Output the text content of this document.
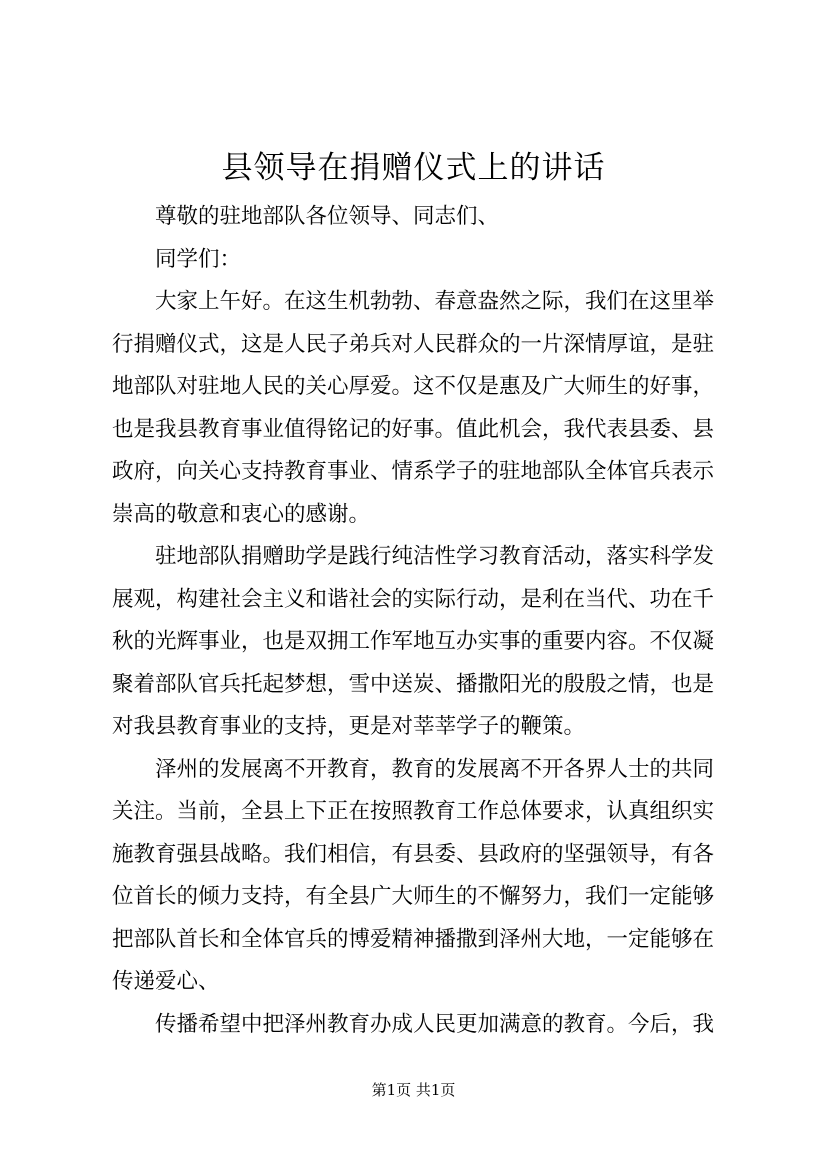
县领导在捐赠仪式上的讲话
尊敬的驻地部队各位领导、同志们、
同学们：
大家上午好。在这生机勃勃、春意盎然之际，我们在这里举
行捐赠仪式，这是人民子弟兵对人民群众的一片深情厚谊，是驻
地部队对驻地人民的关心厚爱。这不仅是惠及广大师生的好事，
也是我县教育事业值得铭记的好事。值此机会，我代表县委、县
政府，向关心支持教育事业、情系学子的驻地部队全体官兵表示
崇高的敬意和衷心的感谢。
驻地部队捐赠助学是践行纯洁性学习教育活动，落实科学发
展观，构建社会主义和谐社会的实际行动，是利在当代、功在千
秋的光辉事业，也是双拥工作军地互办实事的重要内容。不仅凝
聚着部队官兵托起梦想，雪中送炭、播撒阳光的殷殷之情，也是
对我县教育事业的支持，更是对莘莘学子的鞭策。
泽州的发展离不开教育，教育的发展离不开各界人士的共同
关注。当前，全县上下正在按照教育工作总体要求，认真组织实
施教育强县战略。我们相信，有县委、县政府的坚强领导，有各
位首长的倾力支持，有全县广大师生的不懈努力，我们一定能够
把部队首长和全体官兵的博爱精神播撒到泽州大地，一定能够在
传递爱心、
传播希望中把泽州教育办成人民更加满意的教育。今后，我
第1页 共1页
